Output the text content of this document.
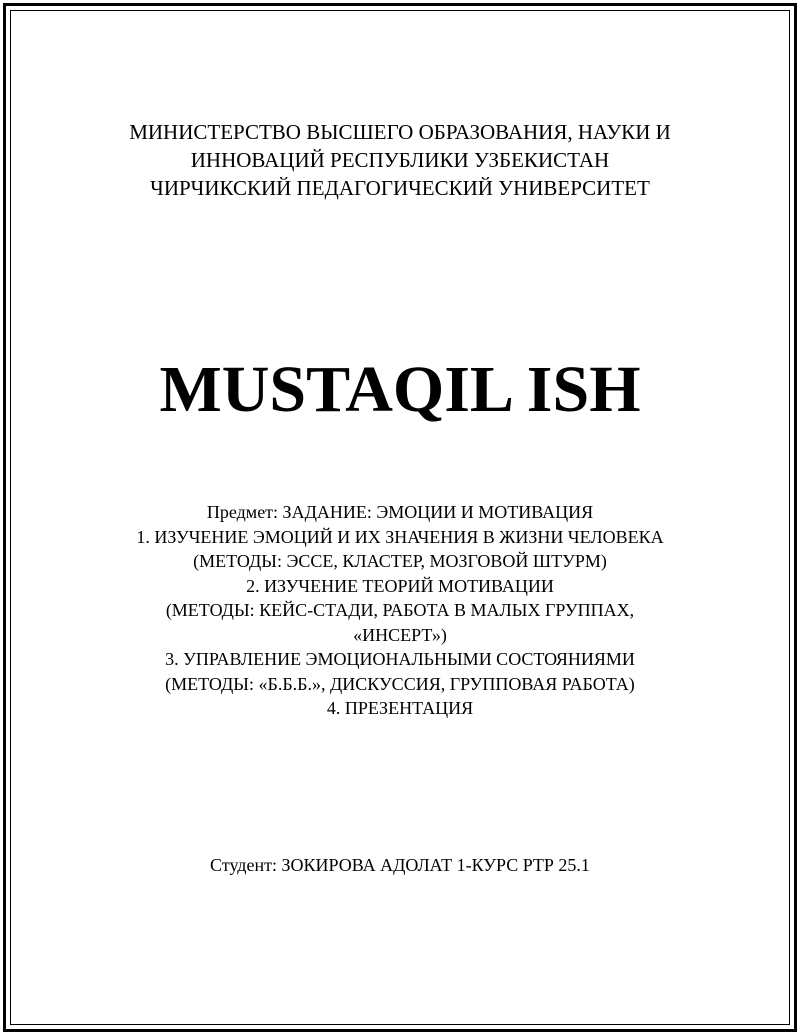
МИНИСТЕРСТВО ВЫСШЕГО ОБРАЗОВАНИЯ, НАУКИ И
ИННОВАЦИЙ РЕСПУБЛИКИ УЗБЕКИСТАН
ЧИРЧИКСКИЙ ПЕДАГОГИЧЕСКИЙ УНИВЕРСИТЕТ
MUSTAQIL ISH
Предмет: ЗАДАНИЕ: ЭМОЦИИ И МОТИВАЦИЯ
1. ИЗУЧЕНИЕ ЭМОЦИЙ И ИХ ЗНАЧЕНИЯ В ЖИЗНИ ЧЕЛОВЕКА
(МЕТОДЫ: ЭССЕ, КЛАСТЕР, МОЗГОВОЙ ШТУРМ)
2. ИЗУЧЕНИЕ ТЕОРИЙ МОТИВАЦИИ
(МЕТОДЫ: КЕЙС-СТАДИ, РАБОТА В МАЛЫХ ГРУППАХ,
«ИНСЕРТ»)
3. УПРАВЛЕНИЕ ЭМОЦИОНАЛЬНЫМИ СОСТОЯНИЯМИ
(МЕТОДЫ: «Б.Б.Б.», ДИСКУССИЯ, ГРУППОВАЯ РАБОТА)
4. ПРЕЗЕНТАЦИЯ
Студент: ЗОКИРОВА АДОЛАТ 1-КУРС РТР 25.1
